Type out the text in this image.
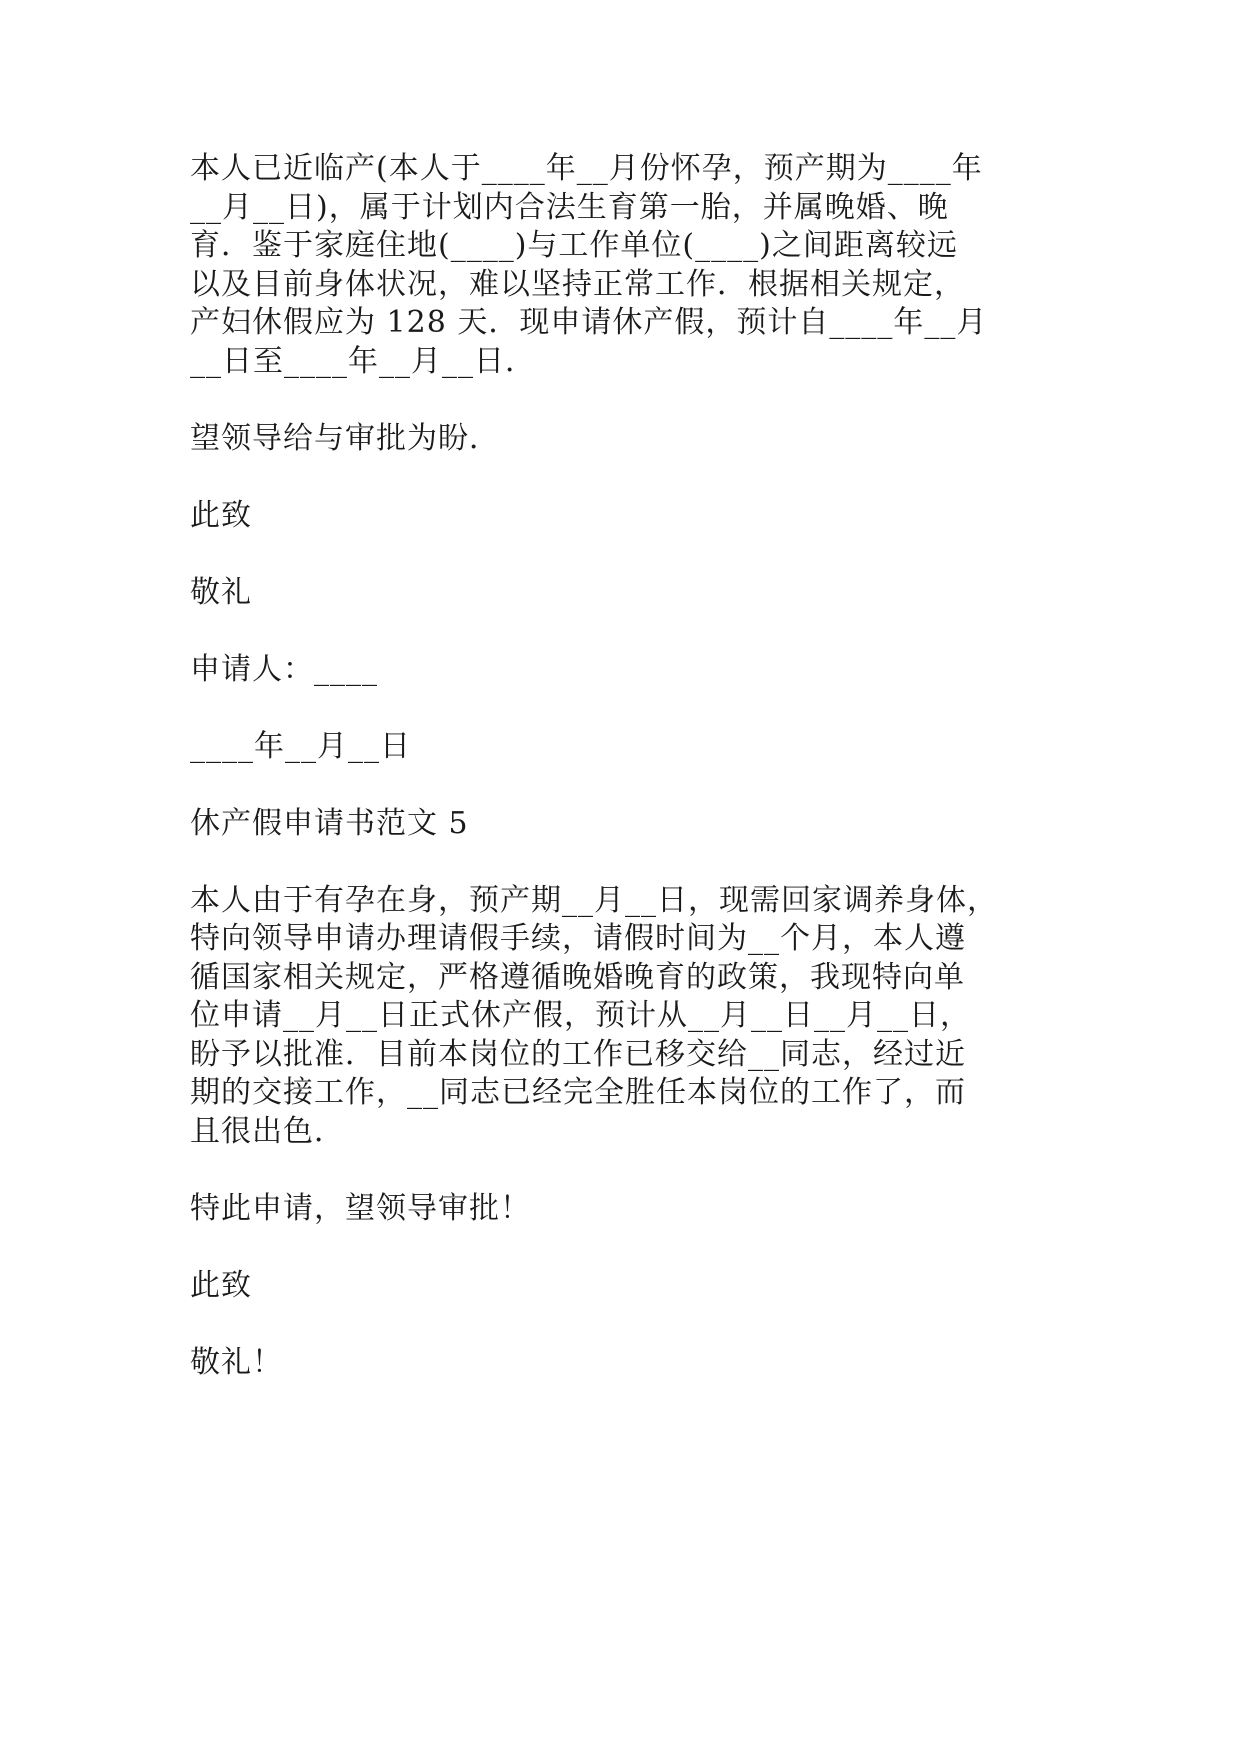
本人已近临产(本人于____年__月份怀孕，预产期为____年
__月__日)，属于计划内合法生育第一胎，并属晚婚、晚
育．鉴于家庭住地(____)与工作单位(____)之间距离较远
以及目前身体状况，难以坚持正常工作．根据相关规定，
产妇休假应为 128 天．现申请休产假，预计自____年__月
__日至____年__月__日．
望领导给与审批为盼．
此致
敬礼
申请人：____
____年__月__日
休产假申请书范文 5
本人由于有孕在身，预产期__月__日，现需回家调养身体，
特向领导申请办理请假手续，请假时间为__个月，本人遵
循国家相关规定，严格遵循晚婚晚育的政策，我现特向单
位申请__月__日正式休产假，预计从__月__日__月__日，
盼予以批准．目前本岗位的工作已移交给__同志，经过近
期的交接工作，__同志已经完全胜任本岗位的工作了，而
且很出色．
特此申请，望领导审批！
此致
敬礼！
